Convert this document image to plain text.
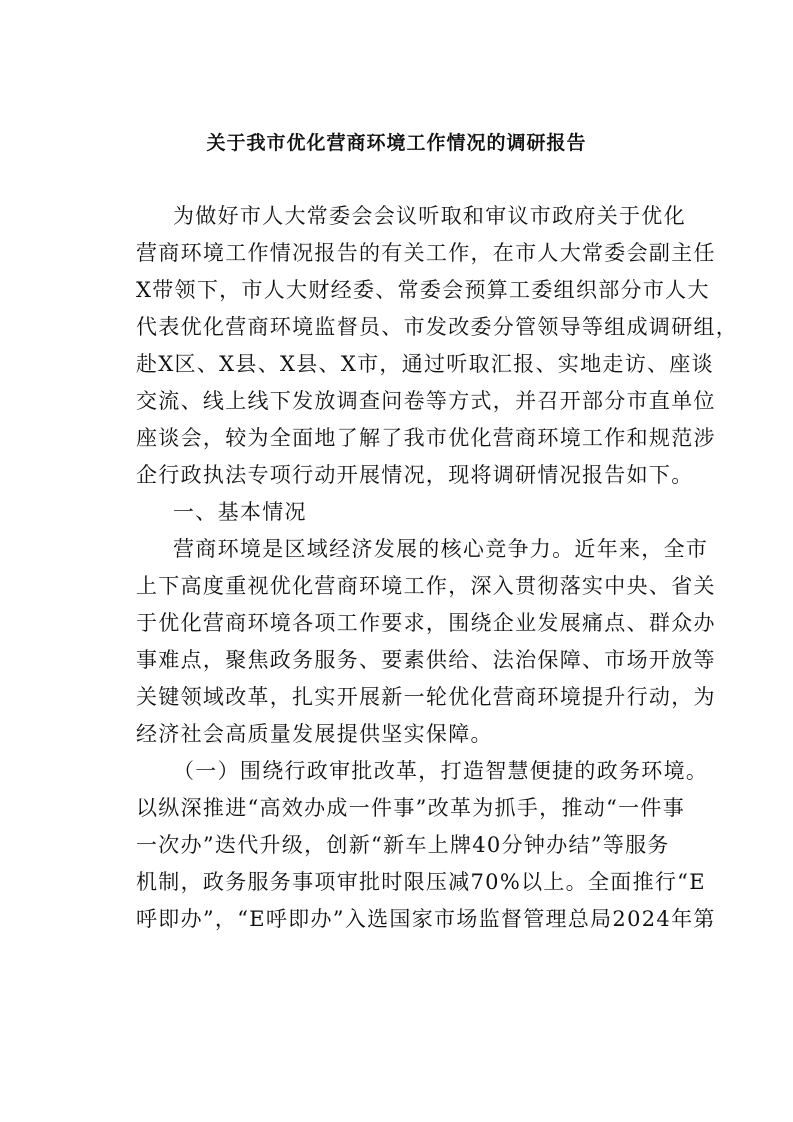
关于我市优化营商环境工作情况的调研报告
为做好市人大常委会会议听取和审议市政府关于优化
营商环境工作情况报告的有关工作，在市人大常委会副主任
X带领下，市人大财经委、常委会预算工委组织部分市人大
代表优化营商环境监督员、市发改委分管领导等组成调研组，
赴X区、X县、X县、X市，通过听取汇报、实地走访、座谈
交流、线上线下发放调查问卷等方式，并召开部分市直单位
座谈会，较为全面地了解了我市优化营商环境工作和规范涉
企行政执法专项行动开展情况，现将调研情况报告如下。
一、基本情况
营商环境是区域经济发展的核心竞争力。近年来，全市
上下高度重视优化营商环境工作，深入贯彻落实中央、省关
于优化营商环境各项工作要求，围绕企业发展痛点、群众办
事难点，聚焦政务服务、要素供给、法治保障、市场开放等
关键领域改革，扎实开展新一轮优化营商环境提升行动，为
经济社会高质量发展提供坚实保障。
（一）围绕行政审批改革，打造智慧便捷的政务环境。
以纵深推进“高效办成一件事”改革为抓手，推动“一件事
一次办”迭代升级，创新“新车上牌40分钟办结”等服务
机制，政务服务事项审批时限压减70%以上。全面推行“E
呼即办”，“E呼即办”入选国家市场监督管理总局2024年第
